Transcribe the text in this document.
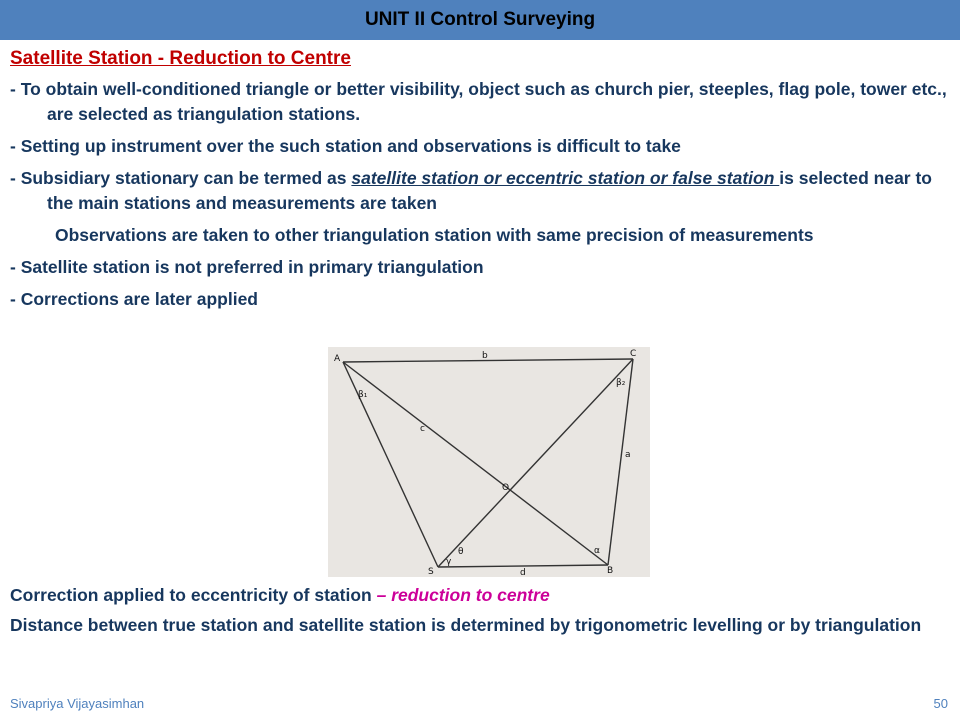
UNIT II Control Surveying
Satellite Station - Reduction to Centre
- To obtain well-conditioned triangle or better visibility, object such as church pier, steeples, flag pole, tower etc., are selected as triangulation stations.
- Setting up instrument over the such station and observations is difficult to take
- Subsidiary stationary can be termed as satellite station or eccentric station or false station is selected near to the main stations and measurements are taken
Observations are taken to other triangulation station with same precision of measurements
- Satellite station is not preferred in primary triangulation
- Corrections are later applied
A	C
S	B
O
b
a
c
d
β₁
β₂
θ
γ
α
Correction applied to eccentricity of station – reduction to centre
Distance between true station and satellite station is determined by trigonometric levelling or by triangulation
Sivapriya Vijayasimhan	50
